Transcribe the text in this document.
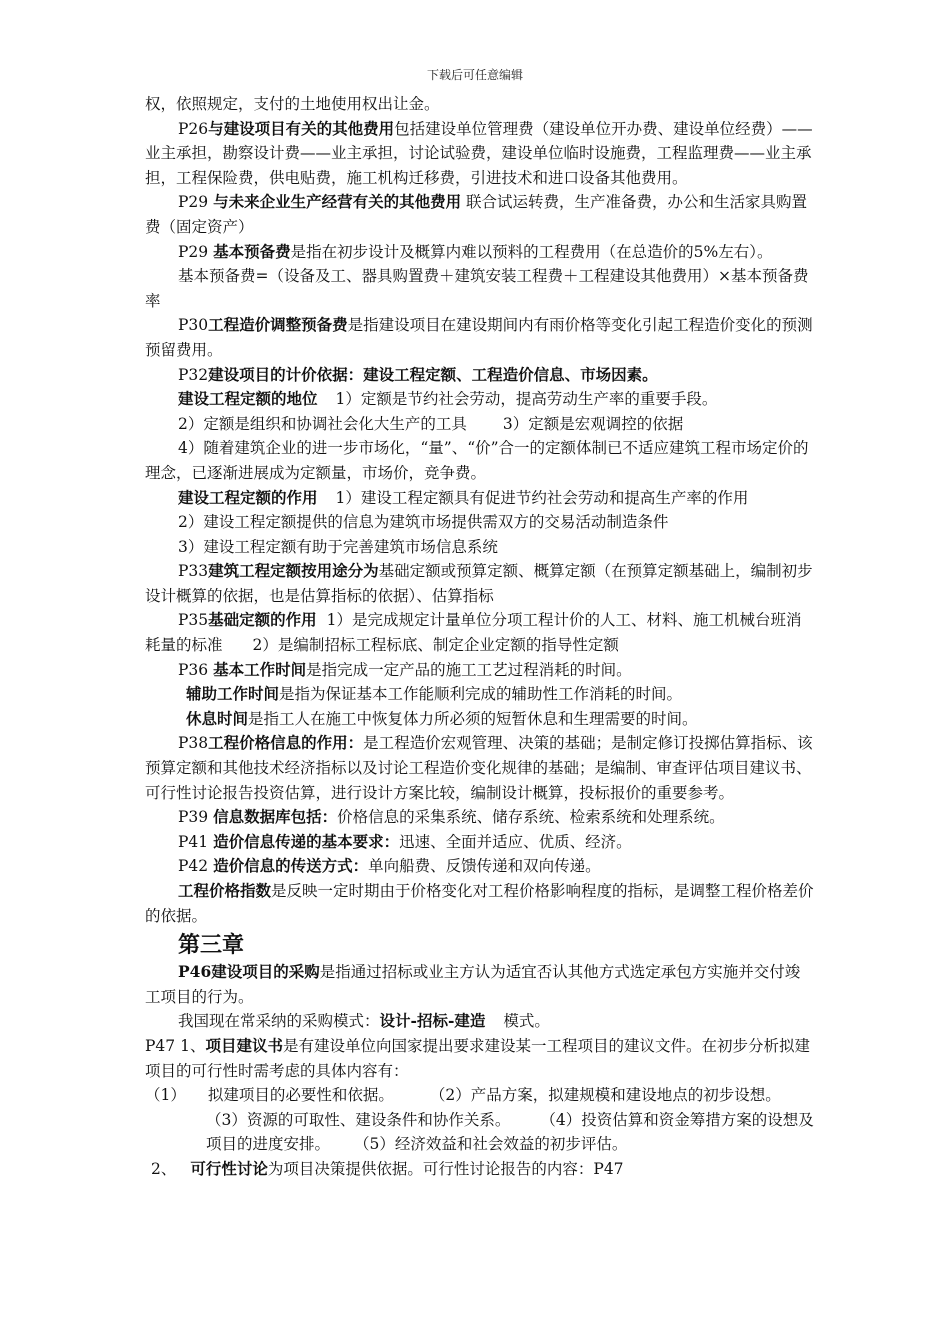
下载后可任意编辑

权，依照规定，支付的土地使用权出让金。

P26与建设项目有关的其他费用包括建设单位管理费（建设单位开办费、建设单位经费）——业主承担，勘察设计费——业主承担，讨论试验费，建设单位临时设施费，工程监理费——业主承担，工程保险费，供电贴费，施工机构迁移费，引进技术和进口设备其他费用。

P29 与未来企业生产经营有关的其他费用 联合试运转费，生产准备费，办公和生活家具购置费（固定资产）

P29 基本预备费是指在初步设计及概算内难以预料的工程费用（在总造价的5%左右）。

基本预备费=（设备及工、器具购置费＋建筑安装工程费＋工程建设其他费用）×基本预备费率

P30工程造价调整预备费是指建设项目在建设期间内有雨价格等变化引起工程造价变化的预测预留费用。

P32建设项目的计价依据：建设工程定额、工程造价信息、市场因素。

建设工程定额的地位 1）定额是节约社会劳动，提高劳动生产率的重要手段。

2）定额是组织和协调社会化大生产的工具 3）定额是宏观调控的依据

4）随着建筑企业的进一步市场化，“量”、“价”合一的定额体制已不适应建筑工程市场定价的理念，已逐渐进展成为定额量，市场价，竞争费。

建设工程定额的作用 1）建设工程定额具有促进节约社会劳动和提高生产率的作用

2）建设工程定额提供的信息为建筑市场提供需双方的交易活动制造条件

3）建设工程定额有助于完善建筑市场信息系统

P33建筑工程定额按用途分为基础定额或预算定额、概算定额（在预算定额基础上，编制初步设计概算的依据，也是估算指标的依据）、估算指标

P35基础定额的作用 1）是完成规定计量单位分项工程计价的人工、材料、施工机械台班消耗量的标准 2）是编制招标工程标底、制定企业定额的指导性定额

P36 基本工作时间是指完成一定产品的施工工艺过程消耗的时间。

辅助工作时间是指为保证基本工作能顺利完成的辅助性工作消耗的时间。

休息时间是指工人在施工中恢复体力所必须的短暂休息和生理需要的时间。

P38工程价格信息的作用：是工程造价宏观管理、决策的基础；是制定修订投掷估算指标、该预算定额和其他技术经济指标以及讨论工程造价变化规律的基础；是编制、审查评估项目建议书、可行性讨论报告投资估算，进行设计方案比较，编制设计概算，投标报价的重要参考。

P39 信息数据库包括：价格信息的采集系统、储存系统、检索系统和处理系统。

P41 造价信息传递的基本要求：迅速、全面并适应、优质、经济。

P42 造价信息的传送方式：单向船费、反馈传递和双向传递。

工程价格指数是反映一定时期由于价格变化对工程价格影响程度的指标，是调整工程价格差价的依据。

第三章

P46建设项目的采购是指通过招标或业主方认为适宜否认其他方式选定承包方实施并交付竣工项目的行为。

我国现在常采纳的采购模式：设计-招标-建造 模式。

P47 1、项目建议书是有建设单位向国家提出要求建设某一工程项目的建议文件。在初步分析拟建项目的可行性时需考虑的具体内容有：

（1） 拟建项目的必要性和依据。 （2）产品方案，拟建规模和建设地点的初步设想。

（3）资源的可取性、建设条件和协作关系。 （4）投资估算和资金筹措方案的设想及项目的进度安排。 （5）经济效益和社会效益的初步评估。

2、 可行性讨论为项目决策提供依据。可行性讨论报告的内容：P47
